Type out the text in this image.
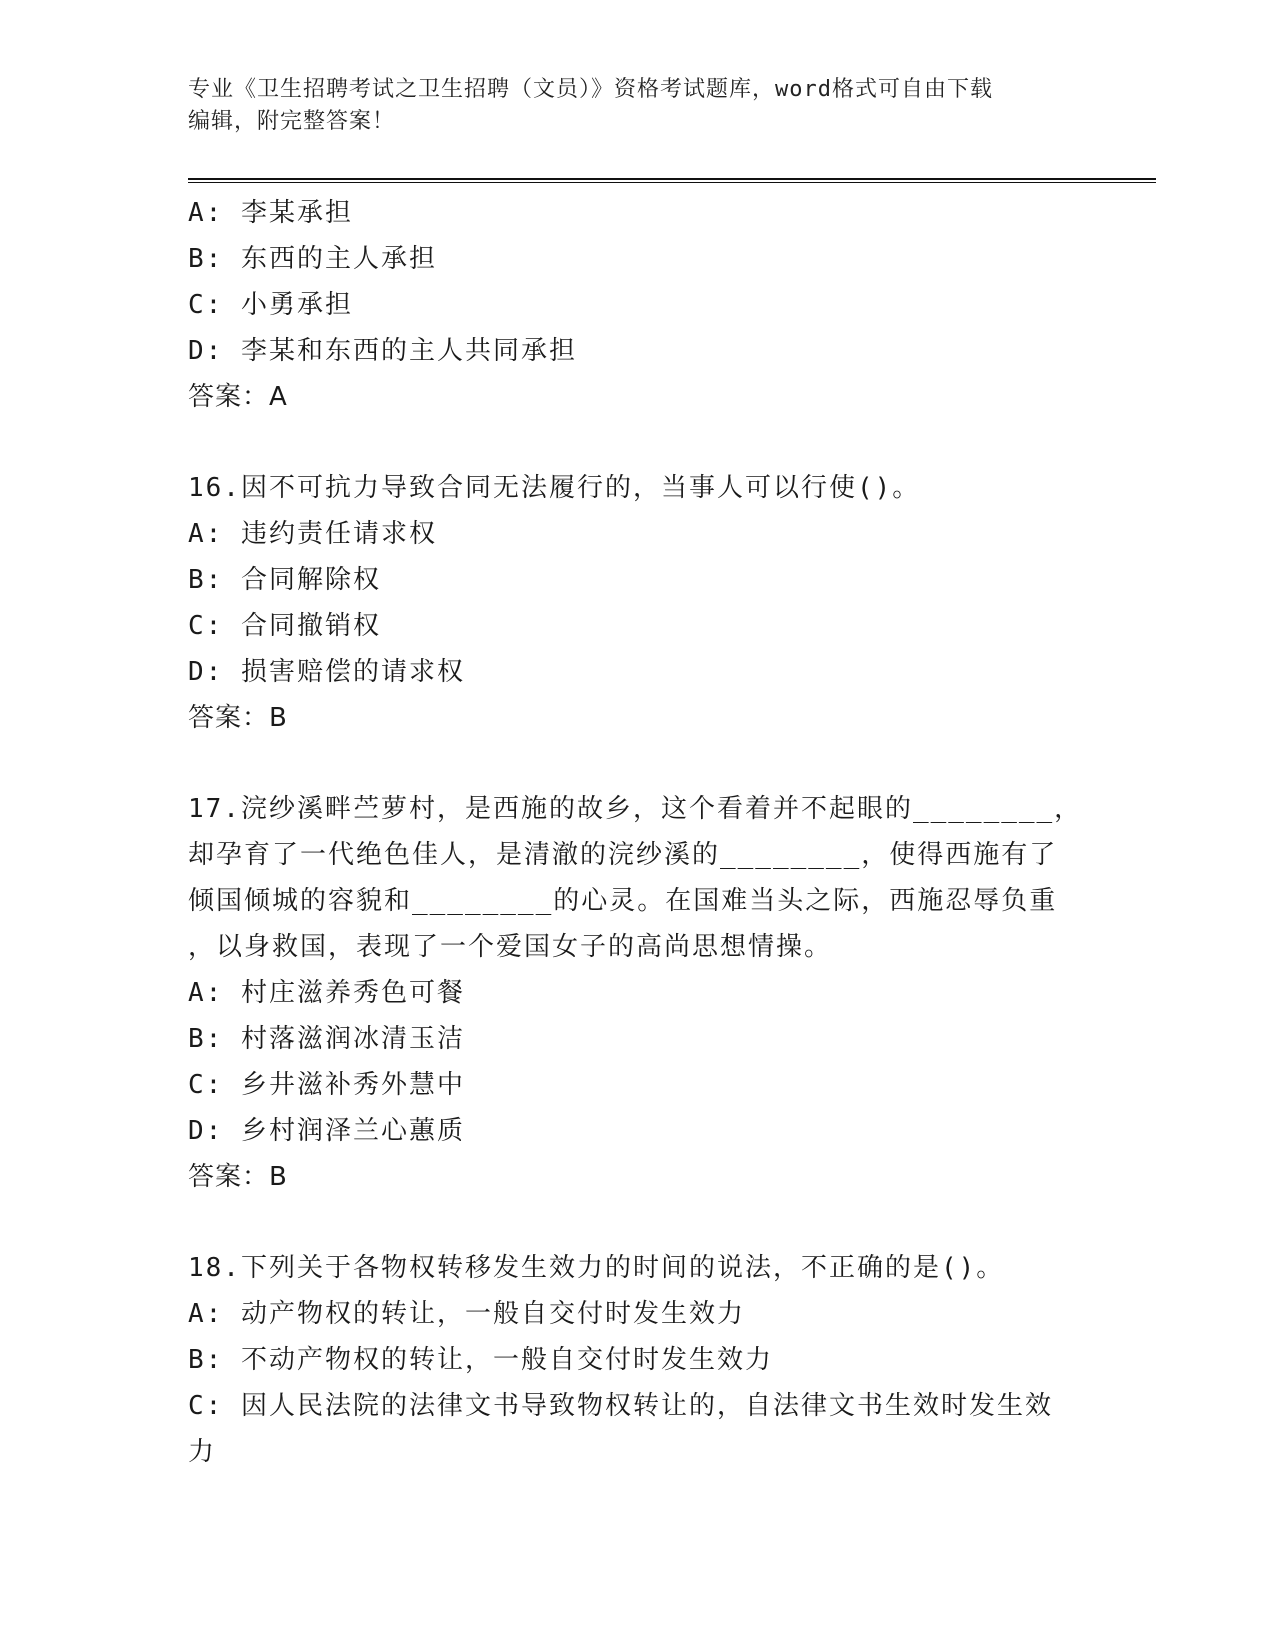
专业《卫生招聘考试之卫生招聘（文员）》资格考试题库，word格式可自由下载
编辑，附完整答案！
A: 李某承担
B: 东西的主人承担
C: 小勇承担
D: 李某和东西的主人共同承担
答案：A
16.因不可抗力导致合同无法履行的，当事人可以行使()。
A: 违约责任请求权
B: 合同解除权
C: 合同撤销权
D: 损害赔偿的请求权
答案：B
17.浣纱溪畔苎萝村，是西施的故乡，这个看着并不起眼的________，
却孕育了一代绝色佳人，是清澈的浣纱溪的________，使得西施有了
倾国倾城的容貌和________的心灵。在国难当头之际，西施忍辱负重
，以身救国，表现了一个爱国女子的高尚思想情操。
A: 村庄滋养秀色可餐
B: 村落滋润冰清玉洁
C: 乡井滋补秀外慧中
D: 乡村润泽兰心蕙质
答案：B
18.下列关于各物权转移发生效力的时间的说法，不正确的是()。
A: 动产物权的转让，一般自交付时发生效力
B: 不动产物权的转让，一般自交付时发生效力
C: 因人民法院的法律文书导致物权转让的，自法律文书生效时发生效
力
